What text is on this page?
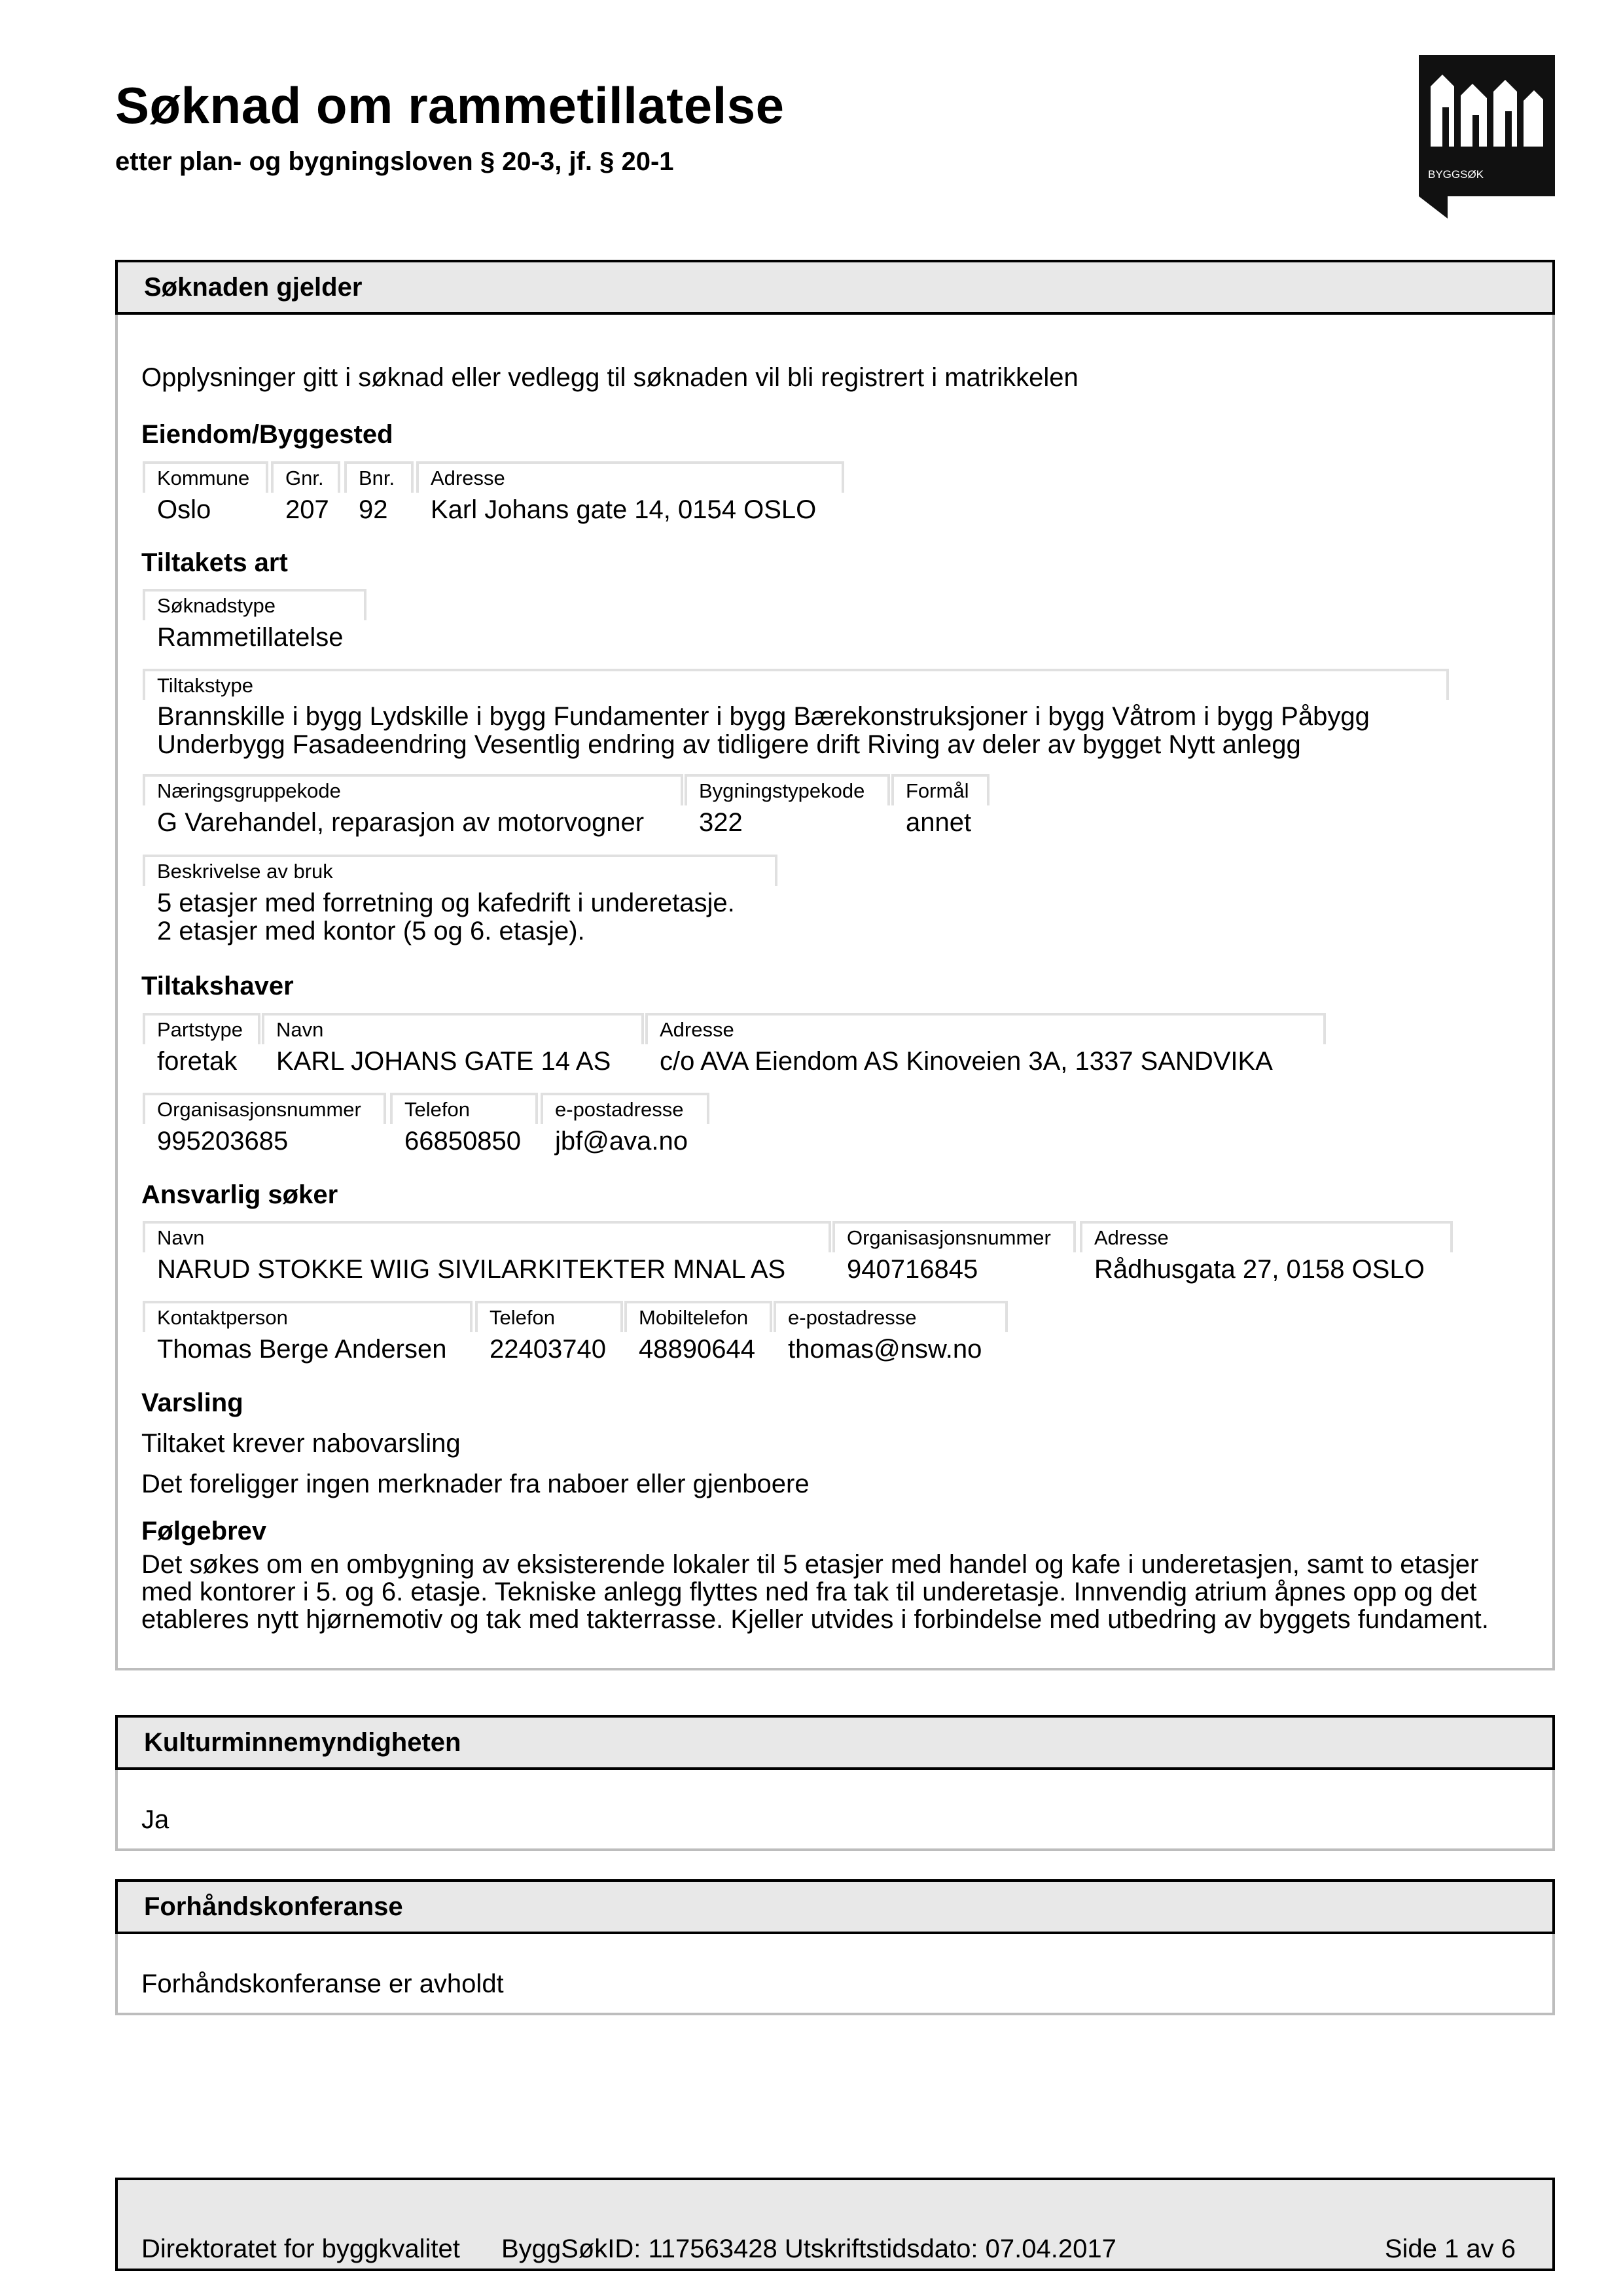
Søknad om rammetillatelse
etter plan- og bygningsloven § 20-3, jf. § 20-1	BYGGSØK
Søknaden gjelder
Opplysninger gitt i søknad eller vedlegg til søknaden vil bli registrert i matrikkelen
Eiendom/Byggested
Kommune
Oslo
Gnr.
207
Bnr.
92
Adresse
Karl Johans gate 14, 0154 OSLO
Tiltakets art
Søknadstype
Rammetillatelse
Tiltakstype
Brannskille i bygg Lydskille i bygg Fundamenter i bygg Bærekonstruksjoner i bygg Våtrom i bygg Påbygg Underbygg Fasadeendring Vesentlig endring av tidligere drift Riving av deler av bygget Nytt anlegg
Næringsgruppekode
G Varehandel, reparasjon av motorvogner
Bygningstypekode
322
Formål
annet
Beskrivelse av bruk
5 etasjer med forretning og kafedrift i underetasje.
2 etasjer med kontor (5 og 6. etasje).
Tiltakshaver
Partstype
foretak
Navn
KARL JOHANS GATE 14 AS
Adresse
c/o AVA Eiendom AS Kinoveien 3A, 1337 SANDVIKA
Organisasjonsnummer
995203685
Telefon
66850850
e-postadresse
jbf@ava.no
Ansvarlig søker
Navn
NARUD STOKKE WIIG SIVILARKITEKTER MNAL AS
Organisasjonsnummer
940716845
Adresse
Rådhusgata 27, 0158 OSLO
Kontaktperson
Thomas Berge Andersen
Telefon
22403740
Mobiltelefon
48890644
e-postadresse
thomas@nsw.no
Varsling
Tiltaket krever nabovarsling
Det foreligger ingen merknader fra naboer eller gjenboere
Følgebrev
Det søkes om en ombygning av eksisterende lokaler til 5 etasjer med handel og kafe i underetasjen, samt to etasjer med kontorer i 5. og 6. etasje. Tekniske anlegg flyttes ned fra tak til underetasje. Innvendig atrium åpnes opp og det etableres nytt hjørnemotiv og tak med takterrasse. Kjeller utvides i forbindelse med utbedring av byggets fundament.
Kulturminnemyndigheten
Ja
Forhåndskonferanse
Forhåndskonferanse er avholdt
Direktoratet for byggkvalitet ByggSøkID: 117563428 Utskriftstidsdato: 07.04.2017	Side 1 av 6
